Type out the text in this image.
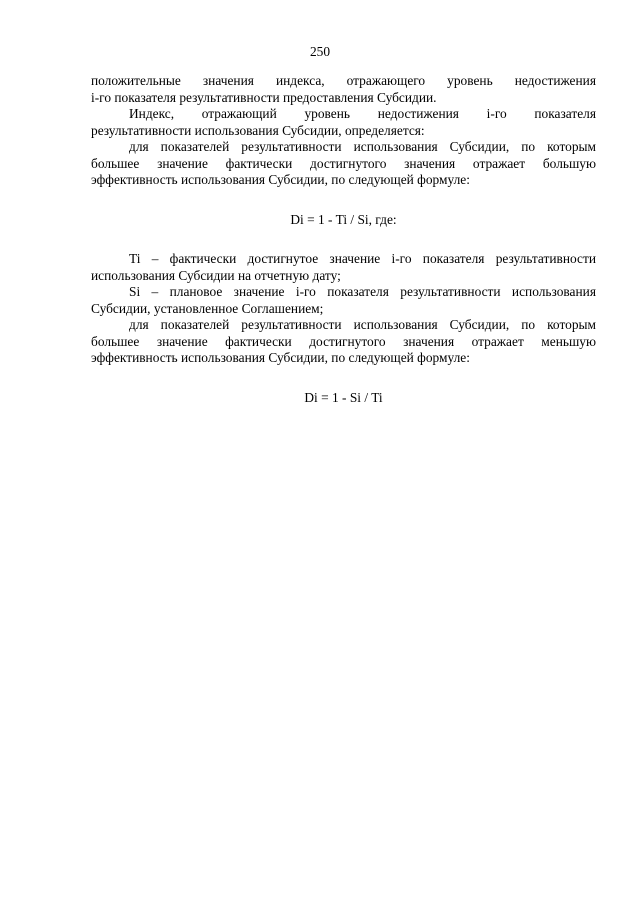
250
положительные значения индекса, отражающего уровень недостижения
i-го показателя результативности предоставления Субсидии.
Индекс, отражающий уровень недостижения i-го показателя
результативности использования Субсидии, определяется:
для показателей результативности использования Субсидии, по которым
большее значение фактически достигнутого значения отражает большую
эффективность использования Субсидии, по следующей формуле:
Di = 1 - Ti / Si, где:
Ti – фактически достигнутое значение i-го показателя результативности
использования Субсидии на отчетную дату;
Si – плановое значение i-го показателя результативности использования
Субсидии, установленное Соглашением;
для показателей результативности использования Субсидии, по которым
большее значение фактически достигнутого значения отражает меньшую
эффективность использования Субсидии, по следующей формуле:
Di = 1 - Si / Ti
